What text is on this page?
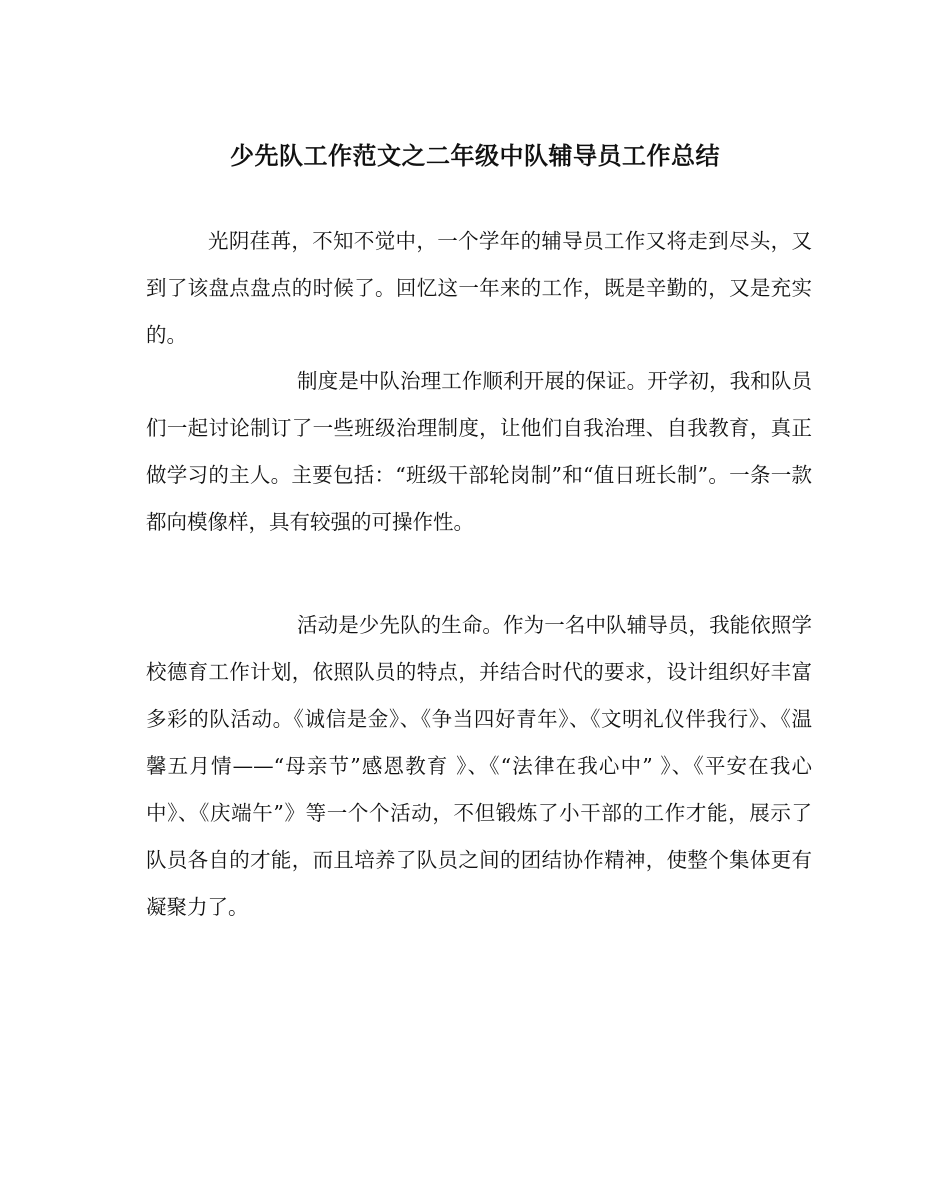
少先队工作范文之二年级中队辅导员工作总结

光阴荏苒，不知不觉中，一个学年的辅导员工作又将走到尽头，又到了该盘点盘点的时候了。回忆这一年来的工作，既是辛勤的，又是充实的。

制度是中队治理工作顺利开展的保证。开学初，我和队员们一起讨论制订了一些班级治理制度，让他们自我治理、自我教育，真正做学习的主人。主要包括：“班级干部轮岗制”和“值日班长制”。一条一款都向模像样，具有较强的可操作性。

活动是少先队的生命。作为一名中队辅导员，我能依照学校德育工作计划，依照队员的特点，并结合时代的要求，设计组织好丰富多彩的队活动。《诚信是金》、《争当四好青年》、《文明礼仪伴我行》、《温馨五月情——“母亲节”感恩教育 》、《“法律在我心中” 》、《平安在我心中》、《庆端午”》等一个个活动，不但锻炼了小干部的工作才能，展示了队员各自的才能，而且培养了队员之间的团结协作精神，使整个集体更有凝聚力了。
